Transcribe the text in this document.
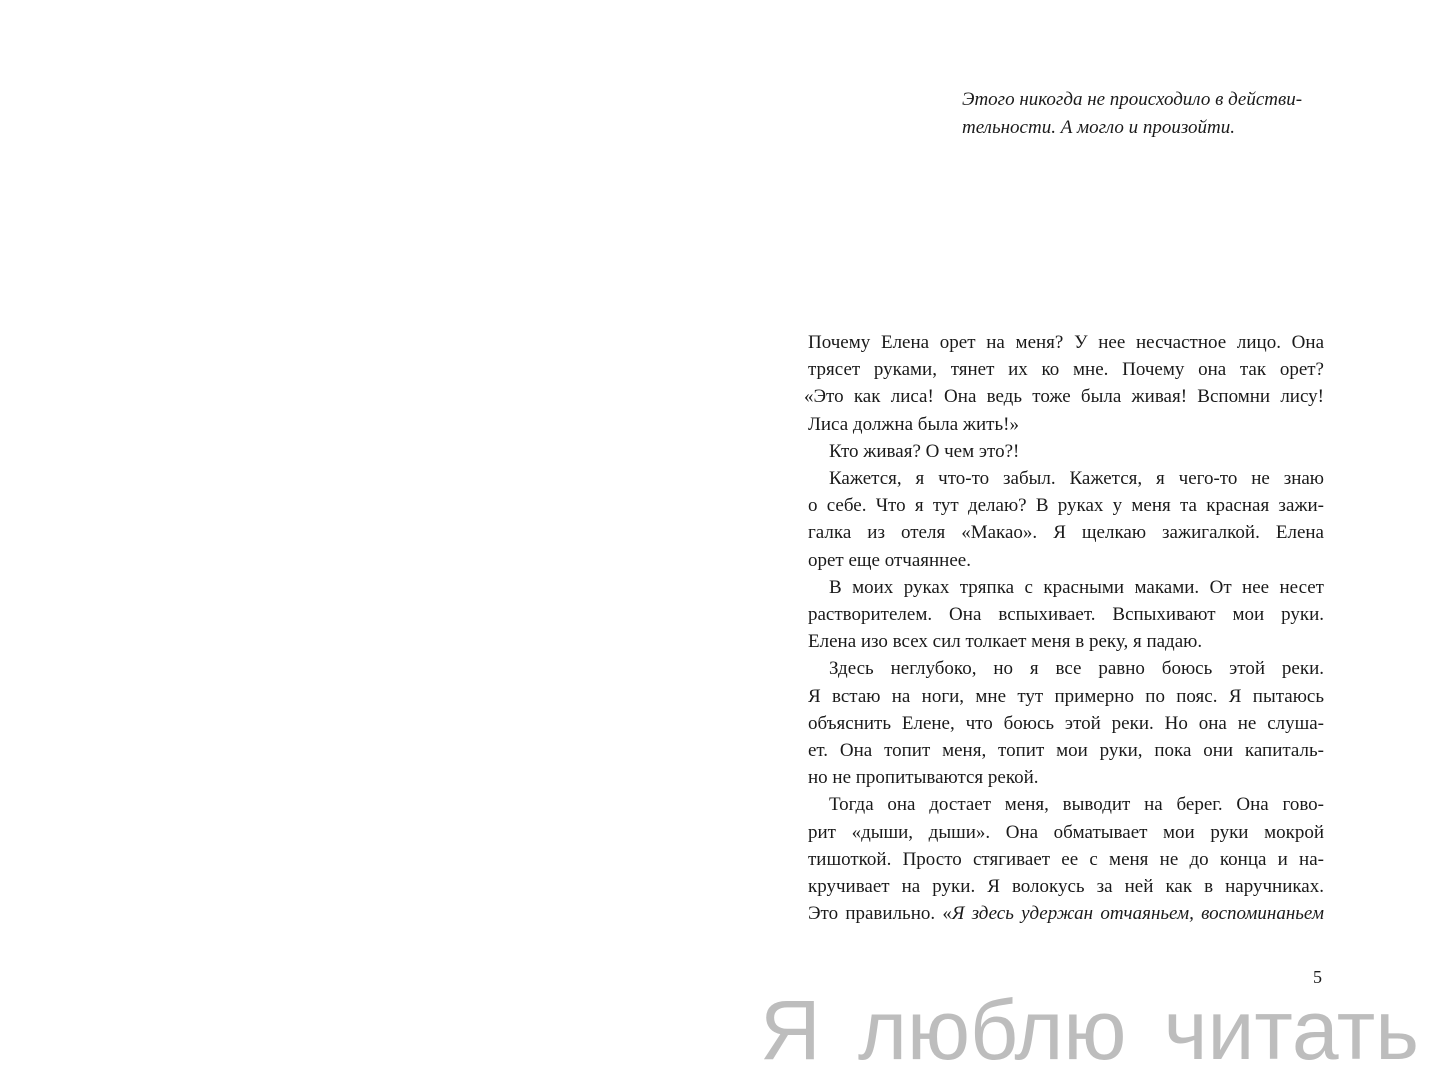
Этого никогда не происходило в действи-
тельности. А могло и произойти.
Почему Елена орет на меня? У нее несчастное лицо. Она
трясет руками, тянет их ко мне. Почему она так орет?
«Это как лиса! Она ведь тоже была живая! Вспомни лису!
Лиса должна была жить!»
Кто живая? О чем это?!
Кажется, я что-то забыл. Кажется, я чего-то не знаю
о себе. Что я тут делаю? В руках у меня та красная зажи-
галка из отеля «Макао». Я щелкаю зажигалкой. Елена
орет еще отчаяннее.
В моих руках тряпка с красными маками. От нее несет
растворителем. Она вспыхивает. Вспыхивают мои руки.
Елена изо всех сил толкает меня в реку, я падаю.
Здесь неглубоко, но я все равно боюсь этой реки.
Я встаю на ноги, мне тут примерно по пояс. Я пытаюсь
объяснить Елене, что боюсь этой реки. Но она не слуша-
ет. Она топит меня, топит мои руки, пока они капиталь-
но не пропитываются рекой.
Тогда она достает меня, выводит на берег. Она гово-
рит «дыши, дыши». Она обматывает мои руки мокрой
тишоткой. Просто стягивает ее с меня не до конца и на-
кручивает на руки. Я волокусь за ней как в наручниках.
Это правильно. «Я здесь удержан отчаяньем, воспоминаньем
5
Я люблю читать
